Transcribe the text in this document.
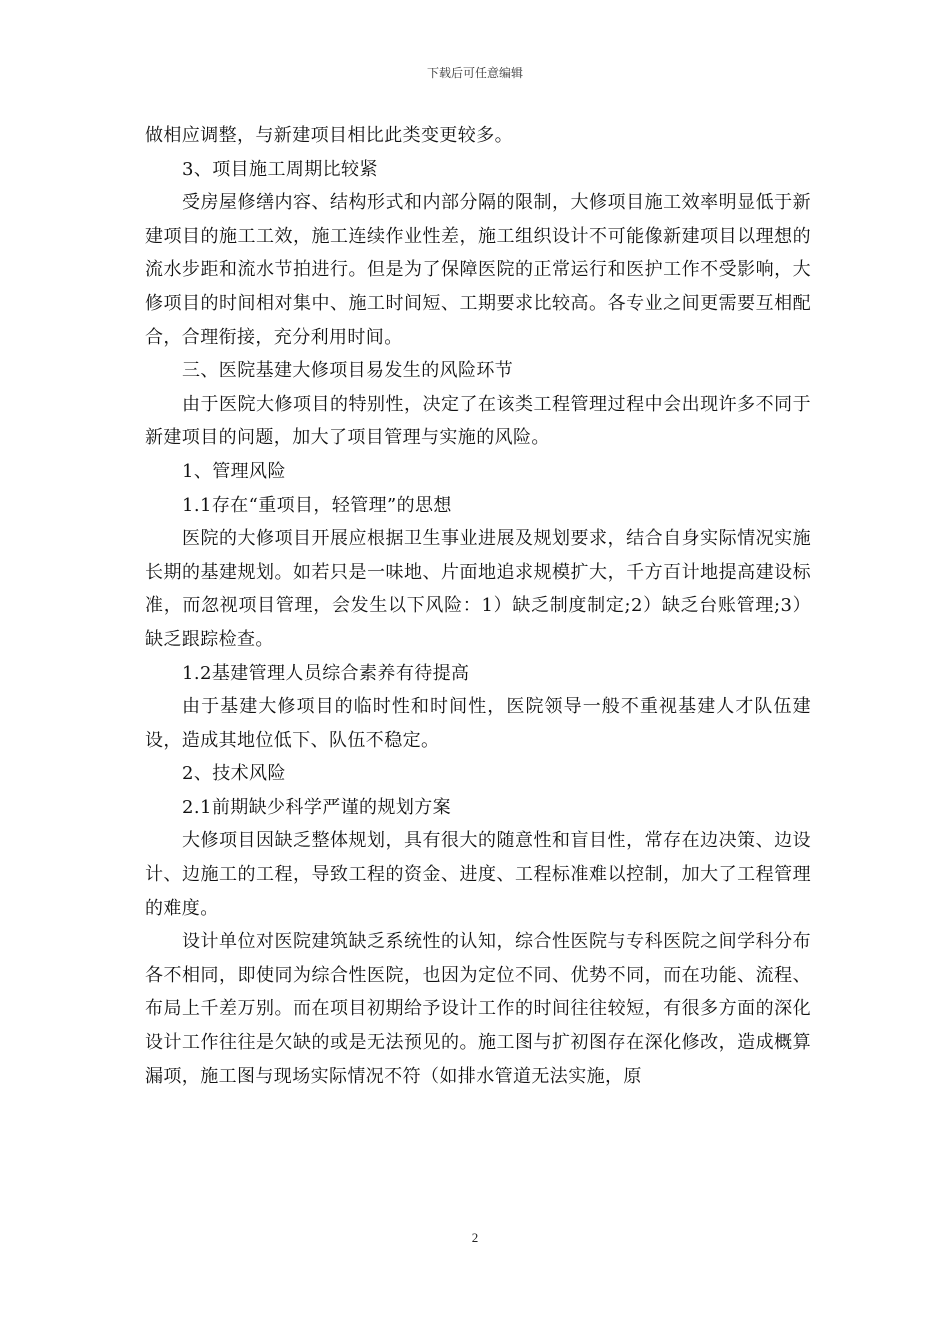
下载后可任意编辑

做相应调整，与新建项目相比此类变更较多。

3、项目施工周期比较紧

受房屋修缮内容、结构形式和内部分隔的限制，大修项目施工效率明显低于新建项目的施工工效，施工连续作业性差，施工组织设计不可能像新建项目以理想的流水步距和流水节拍进行。但是为了保障医院的正常运行和医护工作不受影响，大修项目的时间相对集中、施工时间短、工期要求比较高。各专业之间更需要互相配合，合理衔接，充分利用时间。

三、医院基建大修项目易发生的风险环节

由于医院大修项目的特别性，决定了在该类工程管理过程中会出现许多不同于新建项目的问题，加大了项目管理与实施的风险。

1、管理风险

1.1存在“重项目，轻管理”的思想

医院的大修项目开展应根据卫生事业进展及规划要求，结合自身实际情况实施长期的基建规划。如若只是一味地、片面地追求规模扩大，千方百计地提高建设标准，而忽视项目管理，会发生以下风险：1）缺乏制度制定;2）缺乏台账管理;3）缺乏跟踪检查。

1.2基建管理人员综合素养有待提高

由于基建大修项目的临时性和时间性，医院领导一般不重视基建人才队伍建设，造成其地位低下、队伍不稳定。

2、技术风险

2.1前期缺少科学严谨的规划方案

大修项目因缺乏整体规划，具有很大的随意性和盲目性，常存在边决策、边设计、边施工的工程，导致工程的资金、进度、工程标准难以控制，加大了工程管理的难度。

设计单位对医院建筑缺乏系统性的认知，综合性医院与专科医院之间学科分布各不相同，即使同为综合性医院，也因为定位不同、优势不同，而在功能、流程、布局上千差万别。而在项目初期给予设计工作的时间往往较短，有很多方面的深化设计工作往往是欠缺的或是无法预见的。施工图与扩初图存在深化修改，造成概算漏项，施工图与现场实际情况不符（如排水管道无法实施，原

2
